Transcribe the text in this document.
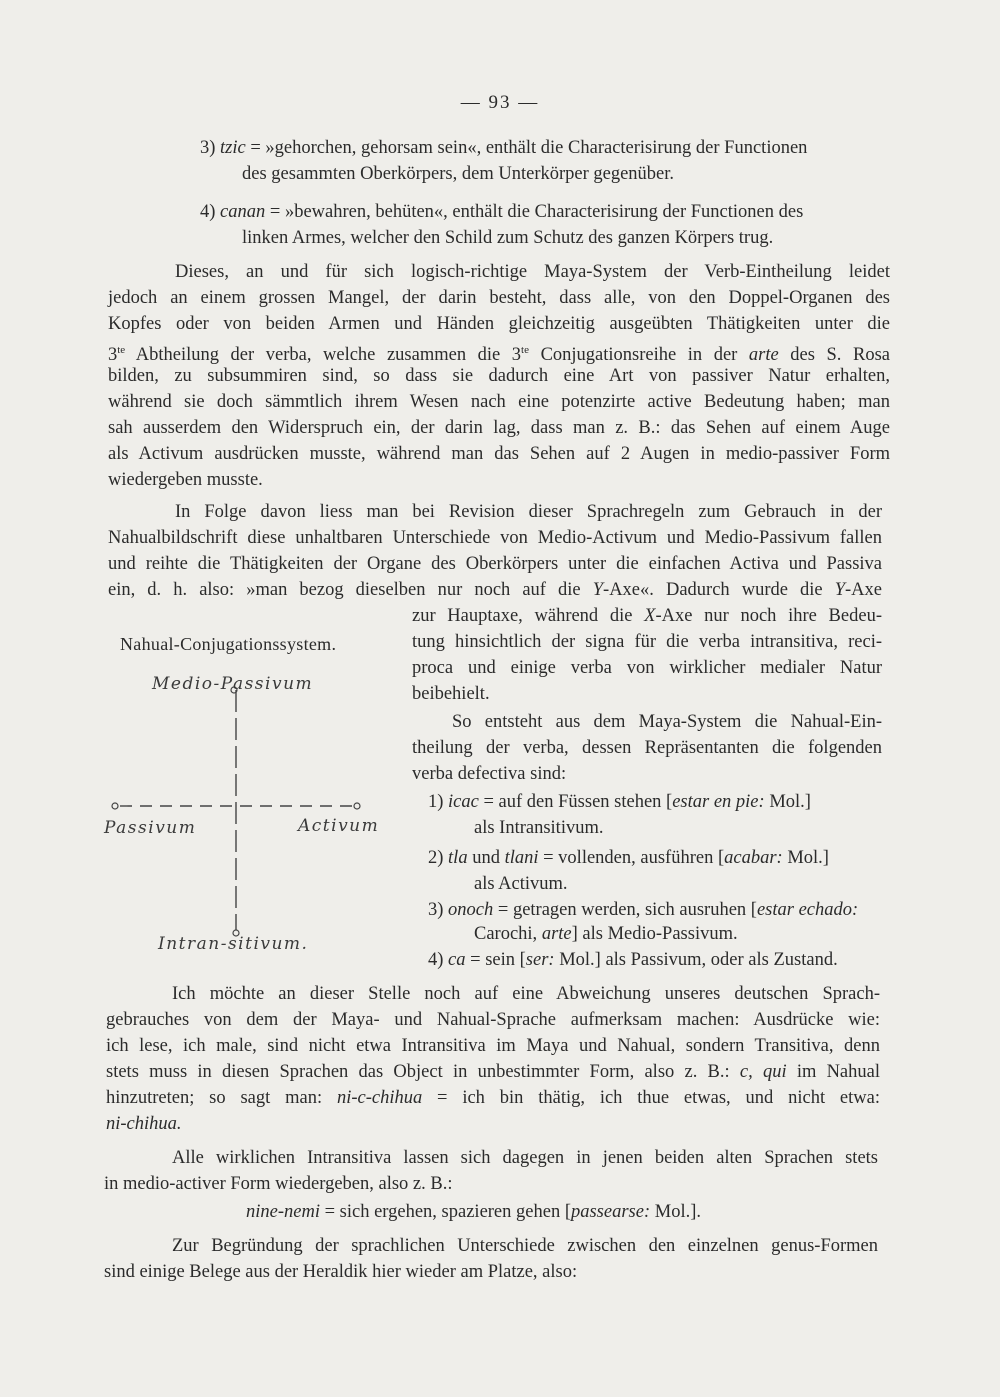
— 93 —
3) tzic = »gehorchen, gehorsam sein«, enthält die Characterisirung der Functionen
des gesammten Oberkörpers, dem Unterkörper gegenüber.
4) canan = »bewahren, behüten«, enthält die Characterisirung der Functionen des
linken Armes, welcher den Schild zum Schutz des ganzen Körpers trug.
Dieses, an und für sich logisch-richtige Maya-System der Verb-Eintheilung leidet
jedoch an einem grossen Mangel, der darin besteht, dass alle, von den Doppel-Organen des
Kopfes oder von beiden Armen und Händen gleichzeitig ausgeübten Thätigkeiten unter die
$3^{te}$ Abtheilung der verba, welche zusammen die $3^{te}$ Conjugationsreihe in der arte des S. Rosa
bilden, zu subsummiren sind, so dass sie dadurch eine Art von passiver Natur erhalten,
während sie doch sämmtlich ihrem Wesen nach eine potenzirte active Bedeutung haben; man
sah ausserdem den Widerspruch ein, der darin lag, dass man z. B.: das Sehen auf einem Auge
als Activum ausdrücken musste, während man das Sehen auf 2 Augen in medio-passiver Form
wiedergeben musste.
In Folge davon liess man bei Revision dieser Sprachregeln zum Gebrauch in der
Nahualbildschrift diese unhaltbaren Unterschiede von Medio-Activum und Medio-Passivum fallen
und reihte die Thätigkeiten der Organe des Oberkörpers unter die einfachen Activa und Passiva
ein, d. h. also: »man bezog dieselben nur noch auf die Y-Axe«. Dadurch wurde die Y-Axe
zur Hauptaxe, während die X-Axe nur noch ihre Bedeu-
tung hinsichtlich der signa für die verba intransitiva, reci-
proca und einige verba von wirklicher medialer Natur
beibehielt.
So entsteht aus dem Maya-System die Nahual-Ein-
theilung der verba, dessen Repräsentanten die folgenden
verba defectiva sind:
1) icac = auf den Füssen stehen [estar en pie: Mol.]
als Intransitivum.
2) tla und tlani = vollenden, ausführen [acabar: Mol.]
als Activum.
3) onoch = getragen werden, sich ausruhen [estar echado:
Carochi, arte] als Medio-Passivum.
4) ca = sein [ser: Mol.] als Passivum, oder als Zustand.
Nahual-Conjugationssystem.
Medio-Passivum
Passivum	Activum
Intran-sitivum.
Ich möchte an dieser Stelle noch auf eine Abweichung unseres deutschen Sprach-
gebrauches von dem der Maya- und Nahual-Sprache aufmerksam machen: Ausdrücke wie:
ich lese, ich male, sind nicht etwa Intransitiva im Maya und Nahual, sondern Transitiva, denn
stets muss in diesen Sprachen das Object in unbestimmter Form, also z. B.: c, qui im Nahual
hinzutreten; so sagt man: ni-c-chihua = ich bin thätig, ich thue etwas, und nicht etwa:
ni-chihua.
Alle wirklichen Intransitiva lassen sich dagegen in jenen beiden alten Sprachen stets
in medio-activer Form wiedergeben, also z. B.:
nine-nemi = sich ergehen, spazieren gehen [passearse: Mol.].
Zur Begründung der sprachlichen Unterschiede zwischen den einzelnen genus-Formen
sind einige Belege aus der Heraldik hier wieder am Platze, also:
